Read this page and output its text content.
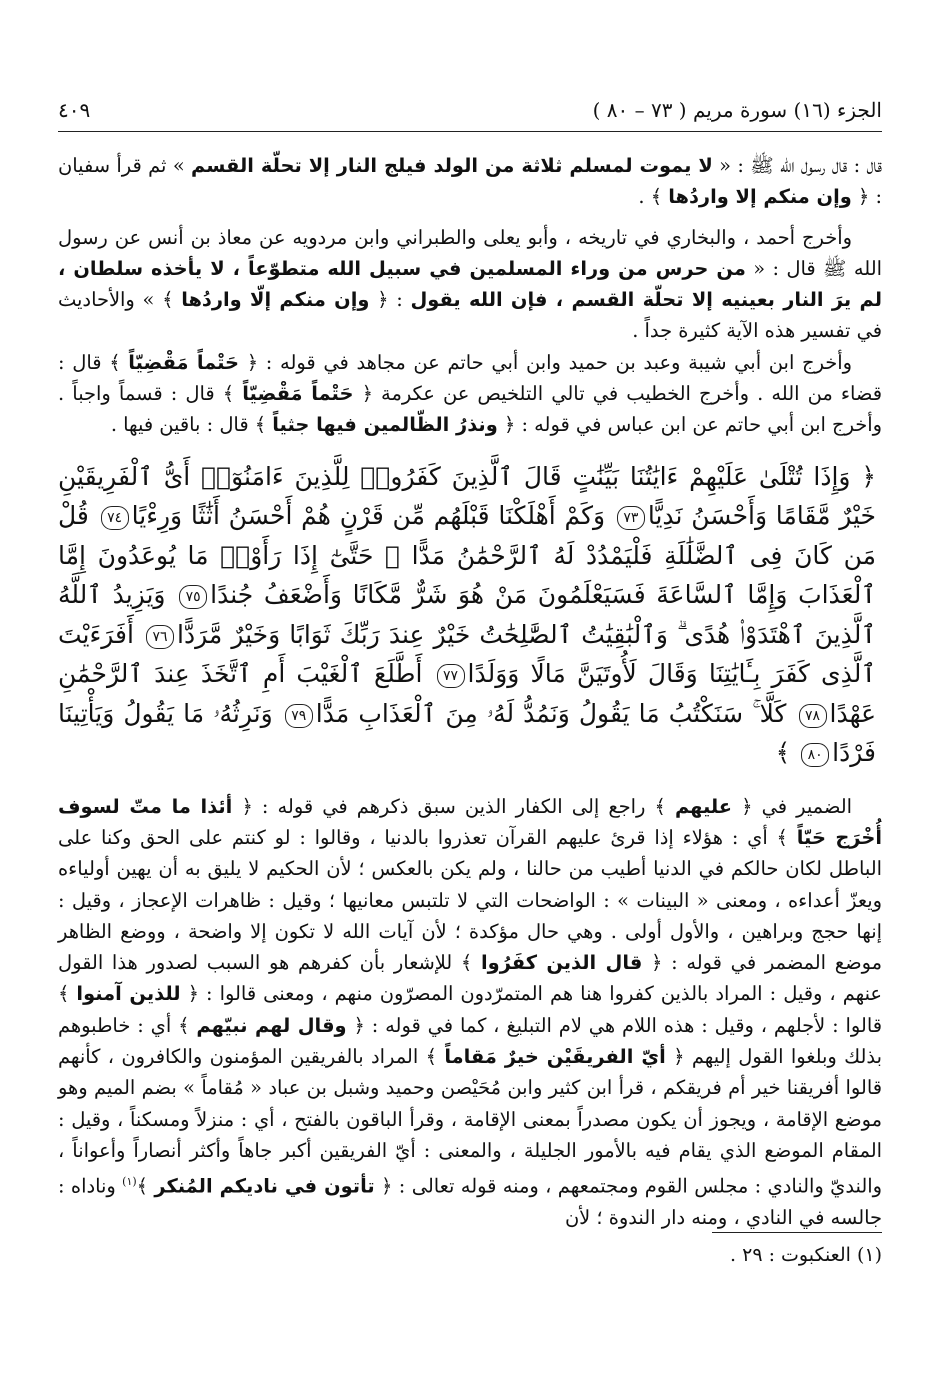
الجزء (١٦) سورة مريم ( ٧٣ – ٨٠ )
٤٠٩

قال : قال رسول الله ﷺ : « لا يموت لمسلم ثلاثة من الولد فيلج النار إلا تحلّة القسم » ثم قرأ سفيان : ﴿ وإن منكم إلا واردُها ﴾ .

وأخرج أحمد ، والبخاري في تاريخه ، وأبو يعلى والطبراني وابن مردويه عن معاذ بن أنس عن رسول الله ﷺ قال : « من حرس من وراء المسلمين في سبيل الله متطوّعاً ، لا يأخذه سلطان ، لم يرَ النار بعينيه إلا تحلّة القسم ، فإن الله يقول : ﴿ وإن منكم إلّا واردُها ﴾ » والأحاديث في تفسير هذه الآية كثيرة جداً .

وأخرج ابن أبي شيبة وعبد بن حميد وابن أبي حاتم عن مجاهد في قوله : ﴿ حَتْماً مَقْضِيّاً ﴾ قال : قضاء من الله . وأخرج الخطيب في تالي التلخيص عن عكرمة ﴿ حَتْماً مَقْضِيّاً ﴾ قال : قسماً واجباً . وأخرج ابن أبي حاتم عن ابن عباس في قوله : ﴿ ونذرُ الظّالمين فيها جثياً ﴾ قال : باقين فيها .

﴿ وَإِذَا تُتْلَىٰ عَلَيْهِمْ ءَايَٰتُنَا بَيِّنَٰتٍ قَالَ ٱلَّذِينَ كَفَرُوا۟ لِلَّذِينَ ءَامَنُوٓا۟ أَىُّ ٱلْفَرِيقَيْنِ خَيْرٌ مَّقَامًا وَأَحْسَنُ نَدِيًّا٧٣ وَكَمْ أَهْلَكْنَا قَبْلَهُم مِّن قَرْنٍ هُمْ أَحْسَنُ أَثَٰثًا وَرِءْيًا٧٤ قُلْ مَن كَانَ فِى ٱلضَّلَٰلَةِ فَلْيَمْدُدْ لَهُ ٱلرَّحْمَٰنُ مَدًّا ۚ حَتَّىٰٓ إِذَا رَأَوْا۟ مَا يُوعَدُونَ إِمَّا ٱلْعَذَابَ وَإِمَّا ٱلسَّاعَةَ فَسَيَعْلَمُونَ مَنْ هُوَ شَرٌّ مَّكَانًا وَأَضْعَفُ جُندًا٧٥ وَيَزِيدُ ٱللَّهُ ٱلَّذِينَ ٱهْتَدَوْا۟ هُدًى ۗ وَٱلْبَٰقِيَٰتُ ٱلصَّٰلِحَٰتُ خَيْرٌ عِندَ رَبِّكَ ثَوَابًا وَخَيْرٌ مَّرَدًّا٧٦ أَفَرَءَيْتَ ٱلَّذِى كَفَرَ بِـَٔايَٰتِنَا وَقَالَ لَأُوتَيَنَّ مَالًا وَوَلَدًا٧٧ أَطَّلَعَ ٱلْغَيْبَ أَمِ ٱتَّخَذَ عِندَ ٱلرَّحْمَٰنِ عَهْدًا٧٨ كَلَّا ۚ سَنَكْتُبُ مَا يَقُولُ وَنَمُدُّ لَهُۥ مِنَ ٱلْعَذَابِ مَدًّا٧٩ وَنَرِثُهُۥ مَا يَقُولُ وَيَأْتِينَا فَرْدًا٨٠ ﴾

الضمير في ﴿ عليهم ﴾ راجع إلى الكفار الذين سبق ذكرهم في قوله : ﴿ أئذا ما متّ لسوف أُخْرَج حَيّاً ﴾ أي : هؤلاء إذا قرئ عليهم القرآن تعذروا بالدنيا ، وقالوا : لو كنتم على الحق وكنا على الباطل لكان حالكم في الدنيا أطيب من حالنا ، ولم يكن بالعكس ؛ لأن الحكيم لا يليق به أن يهين أولياءه ويعزّ أعداءه ، ومعنى « البينات » : الواضحات التي لا تلتبس معانيها ؛ وقيل : ظاهرات الإعجاز ، وقيل : إنها حجج وبراهين ، والأول أولى . وهي حال مؤكدة ؛ لأن آيات الله لا تكون إلا واضحة ، ووضع الظاهر موضع المضمر في قوله : ﴿ قال الذين كفَرُوا ﴾ للإشعار بأن كفرهم هو السبب لصدور هذا القول عنهم ، وقيل : المراد بالذين كفروا هنا هم المتمرّدون المصرّون منهم ، ومعنى قالوا : ﴿ للذين آمنوا ﴾ قالوا : لأجلهم ، وقيل : هذه اللام هي لام التبليغ ، كما في قوله : ﴿ وقال لهم نبيّهم ﴾ أي : خاطبوهم بذلك وبلغوا القول إليهم ﴿ أيّ الفريقَيْن خيرٌ مَقاماً ﴾ المراد بالفريقين المؤمنون والكافرون ، كأنهم قالوا أفريقنا خير أم فريقكم ، قرأ ابن كثير وابن مُحَيْصن وحميد وشبل بن عباد « مُقاماً » بضم الميم وهو موضع الإقامة ، ويجوز أن يكون مصدراً بمعنى الإقامة ، وقرأ الباقون بالفتح ، أي : منزلاً ومسكناً ، وقيل : المقام الموضع الذي يقام فيه بالأمور الجليلة ، والمعنى : أيّ الفريقين أكبر جاهاً وأكثر أنصاراً وأعواناً ، والنديّ والنادي : مجلس القوم ومجتمعهم ، ومنه قوله تعالى : ﴿ تأتون في ناديكم المُنكر ﴾$^{(١)}$ وناداه : جالسه في النادي ، ومنه دار الندوة ؛ لأن

(١) العنكبوت : ٢٩ .
